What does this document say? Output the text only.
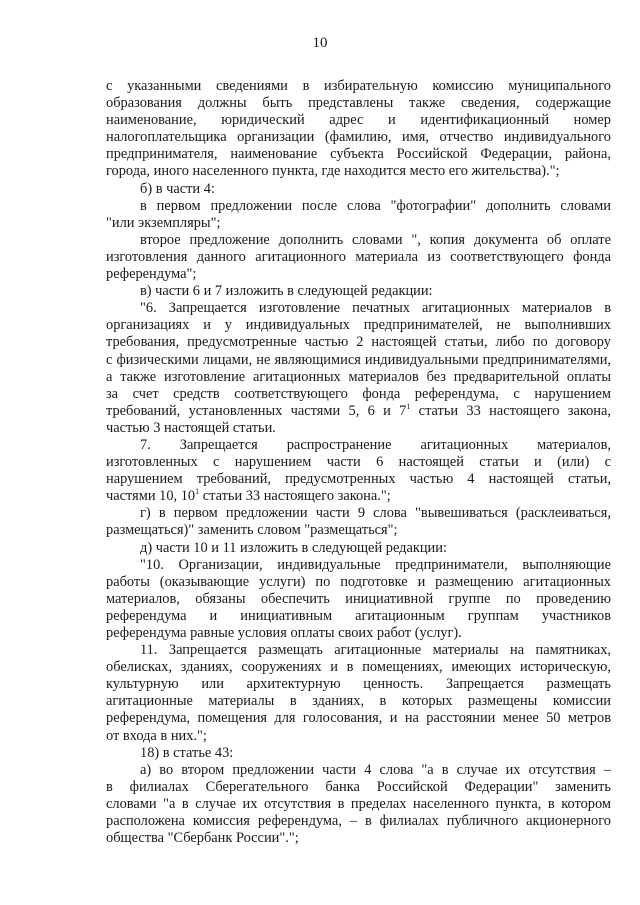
10
с указанными сведениями в избирательную комиссию муниципального
образования должны быть представлены также сведения, содержащие
наименование, юридический адрес и идентификационный номер
налогоплательщика организации (фамилию, имя, отчество индивидуального
предпринимателя, наименование субъекта Российской Федерации, района,
города, иного населенного пункта, где находится место его жительства).";
б) в части 4:
в первом предложении после слова "фотографии" дополнить словами
"или экземпляры";
второе предложение дополнить словами ", копия документа об оплате
изготовления данного агитационного материала из соответствующего фонда
референдума";
в) части 6 и 7 изложить в следующей редакции:
"6. Запрещается изготовление печатных агитационных материалов в
организациях и у индивидуальных предпринимателей, не выполнивших
требования, предусмотренные частью 2 настоящей статьи, либо по договору
с физическими лицами, не являющимися индивидуальными предпринимателями,
а также изготовление агитационных материалов без предварительной оплаты
за счет средств соответствующего фонда референдума, с нарушением
требований, установленных частями 5, 6 и $7^1$ статьи 33 настоящего закона,
частью 3 настоящей статьи.
7. Запрещается распространение агитационных материалов,
изготовленных с нарушением части 6 настоящей статьи и (или) с
нарушением требований, предусмотренных частью 4 настоящей статьи,
частями 10, $10^1$ статьи 33 настоящего закона.";
г) в первом предложении части 9 слова "вывешиваться (расклеиваться,
размещаться)" заменить словом "размещаться";
д) части 10 и 11 изложить в следующей редакции:
"10. Организации, индивидуальные предприниматели, выполняющие
работы (оказывающие услуги) по подготовке и размещению агитационных
материалов, обязаны обеспечить инициативной группе по проведению
референдума и инициативным агитационным группам участников
референдума равные условия оплаты своих работ (услуг).
11. Запрещается размещать агитационные материалы на памятниках,
обелисках, зданиях, сооружениях и в помещениях, имеющих историческую,
культурную или архитектурную ценность. Запрещается размещать
агитационные материалы в зданиях, в которых размещены комиссии
референдума, помещения для голосования, и на расстоянии менее 50 метров
от входа в них.";
18) в статье 43:
а) во втором предложении части 4 слова "а в случае их отсутствия –
в филиалах Сберегательного банка Российской Федерации" заменить
словами "а в случае их отсутствия в пределах населенного пункта, в котором
расположена комиссия референдума, – в филиалах публичного акционерного
общества "Сбербанк России".";
